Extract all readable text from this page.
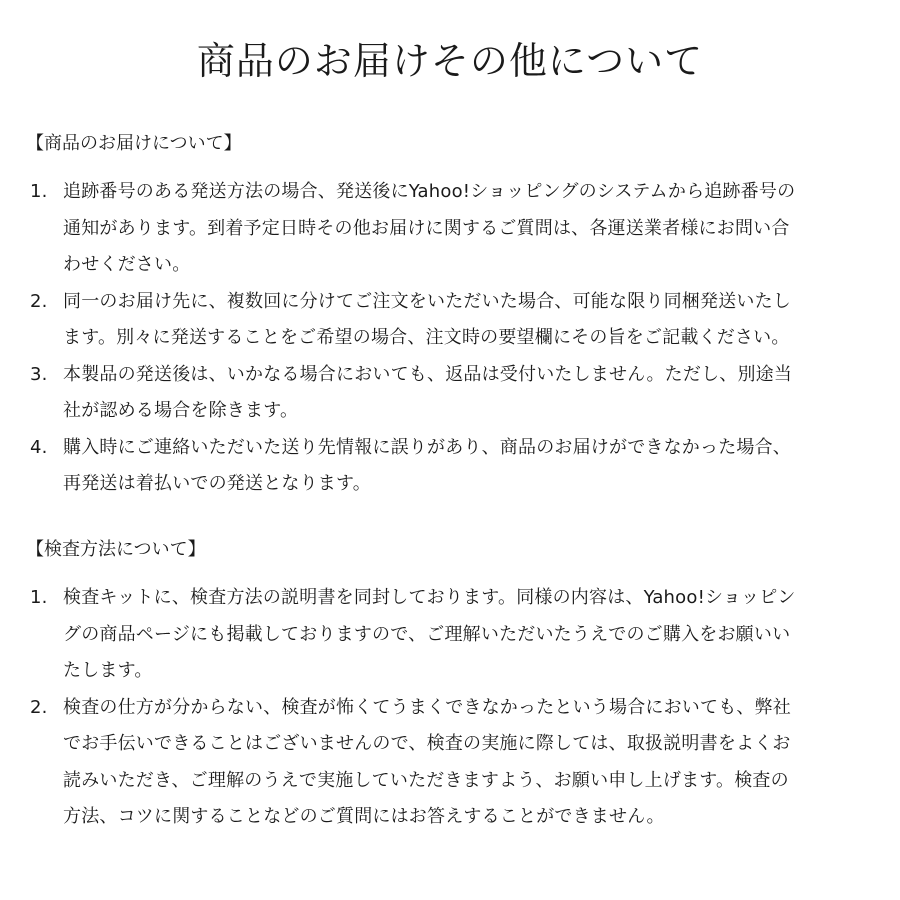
商品のお届けその他について
【商品のお届けについて】
1. 追跡番号のある発送方法の場合、発送後にYahoo!ショッピングのシステムから追跡番号の
通知があります。到着予定日時その他お届けに関するご質問は、各運送業者様にお問い合
わせください。
2. 同一のお届け先に、複数回に分けてご注文をいただいた場合、可能な限り同梱発送いたし
ます。別々に発送することをご希望の場合、注文時の要望欄にその旨をご記載ください。
3. 本製品の発送後は、いかなる場合においても、返品は受付いたしません。ただし、別途当
社が認める場合を除きます。
4. 購入時にご連絡いただいた送り先情報に誤りがあり、商品のお届けができなかった場合、
再発送は着払いでの発送となります。
【検査方法について】
1. 検査キットに、検査方法の説明書を同封しております。同様の内容は、Yahoo!ショッピン
グの商品ページにも掲載しておりますので、ご理解いただいたうえでのご購入をお願いい
たします。
2. 検査の仕方が分からない、検査が怖くてうまくできなかったという場合においても、弊社
でお手伝いできることはございませんので、検査の実施に際しては、取扱説明書をよくお
読みいただき、ご理解のうえで実施していただきますよう、お願い申し上げます。検査の
方法、コツに関することなどのご質問にはお答えすることができません。
